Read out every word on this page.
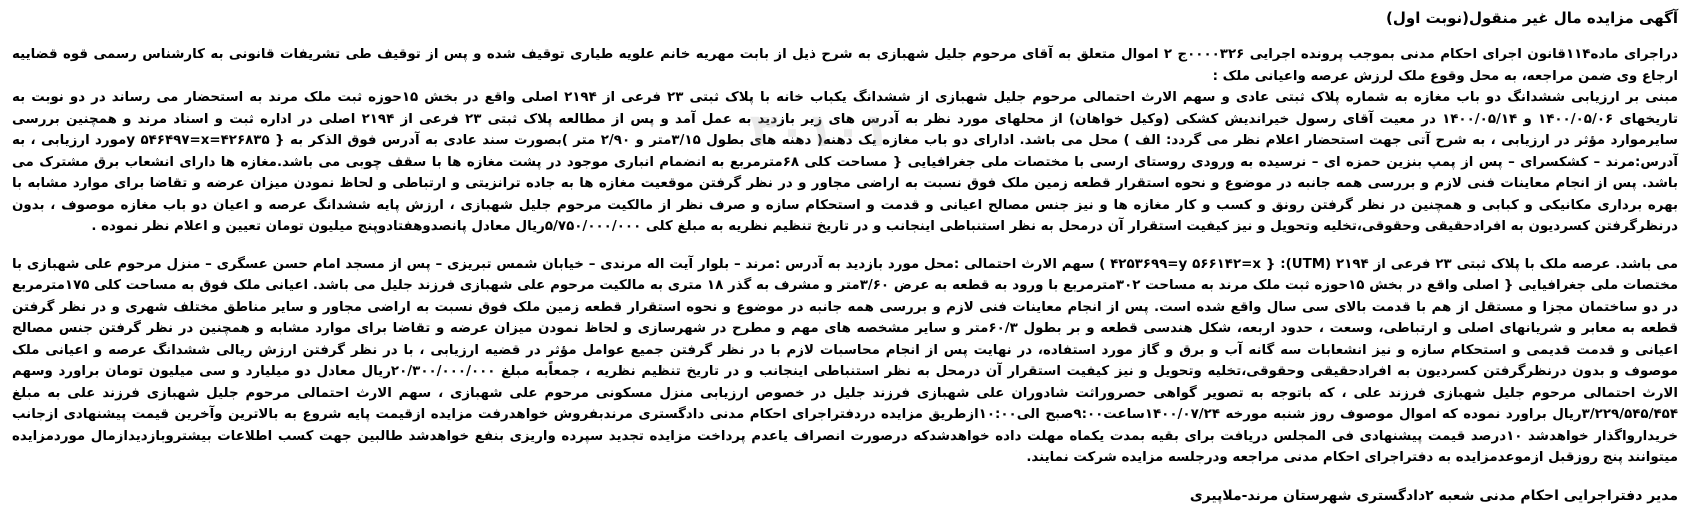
۳۰۱۰۱
آگهی مزایده مال غیر منقول(نوبت اول)

دراجرای ماده۱۱۴قانون اجرای احکام مدنی بموجب پرونده اجرایی ۰۰۰۰۳۲۶ج ۲ اموال متعلق به آقای مرحوم جلیل شهبازی به شرح ذیل از بابت مهریه خانم علویه طیاری توقیف شده و پس از توقیف طی تشریفات قانونی به کارشناس رسمی قوه قضاییه ارجاع وی ضمن مراجعه، به محل وقوع ملک لرزش عرصه واعیانی ملک :

مبنی بر ارزیابی ششدانگ دو باب مغازه به شماره پلاک ثبتی عادی و سهم الارث احتمالی مرحوم جلیل شهبازی از ششدانگ یکباب خانه با پلاک ثبتی ۲۳ فرعی از ۲۱۹۴ اصلی واقع در بخش ۱۵حوزه ثبت ملک مرند به استحضار می رساند در دو نوبت به تاریخهای ۱۴۰۰/۰۵/۰۶ و ۱۴۰۰/۰۵/۱۴ در معیت آقای رسول خیراندیش کشکی (وکیل خواهان) از محلهای مورد نظر به آدرس های زیر بازدید به عمل آمد و پس از مطالعه پلاک ثبتی ۲۳ فرعی از ۲۱۹۴ اصلی در اداره ثبت و اسناد مرند و همچنین بررسی سایرموارد مؤثر در ارزیابی ، به شرح آتی جهت استحضار اعلام نظر می گردد: الف ) محل می باشد. ادارای دو باب مغازه یک دهنه( دهنه های بطول ۳/۱۵متر و ۲/۹۰ متر )بصورت سند عادی به آدرس فوق الذکر به { ۴۲۶۸۳۵=y ۵۴۶۴۹۷=xمورد ارزیابی ، به آدرس:مرند – کشکسرای – پس از پمپ بنزین حمزه ای – نرسیده به ورودی روستای ارسی با مختصات ملی جغرافیایی { مساحت کلی ۶۸مترمربع به انضمام انباری موجود در پشت مغازه ها با سقف چوبی می باشد.مغازه ها دارای انشعاب برق مشترک می باشد. پس از انجام معاینات فنی لازم و بررسی همه جانبه در موضوع و نحوه استقرار قطعه زمین ملک فوق نسبت به اراضی مجاور و در نظر گرفتن موقعیت مغازه ها به جاده ترانزیتی و ارتباطی و لحاظ نمودن میزان عرضه و تقاضا برای موارد مشابه با بهره برداری مکانیکی و کبابی و همچنین در نظر گرفتن رونق و کسب و کار مغازه ها و نیز جنس مصالح اعیانی و قدمت و استحکام سازه و صرف نظر از مالکیت مرحوم جلیل شهبازی ، ارزش پایه ششدانگ عرصه و اعیان دو باب مغازه موصوف ، بدون درنظرگرفتن کسردیون به افرادحقیقی وحقوقی،تخلیه وتحویل و نیز کیفیت استقرار آن درمحل به نظر استنباطی اینجانب و در تاریخ تنظیم نظریه به مبلغ کلی ۵/۷۵۰/۰۰۰/۰۰۰ریال معادل پانصدوهفتادوپنج میلیون تومان تعیین و اعلام نظر نموده .

می باشد. عرصه ملک با پلاک ثبتی ۲۳ فرعی از ۲۱۹۴ (UTM): { ۴۲۵۳۶۹۹=y ۵۶۶۱۴۲=x ) سهم الارث احتمالی :محل مورد بازدید به آدرس :مرند – بلوار آیت اله مرندی – خیابان شمس تبریزی – پس از مسجد امام حسن عسگری – منزل مرحوم علی شهبازی با مختصات ملی جغرافیایی { اصلی واقع در بخش ۱۵حوزه ثبت ملک مرند به مساحت ۳۰۲مترمربع با ورود به قطعه به عرض ۳/۶۰متر و مشرف به گذر ۱۸ متری به مالکیت مرحوم علی شهبازی فرزند جلیل می باشد. اعیانی ملک فوق به مساحت کلی ۱۷۵مترمربع در دو ساختمان مجزا و مستقل از هم با قدمت بالای سی سال واقع شده است. پس از انجام معاینات فنی لازم و بررسی همه جانبه در موضوع و نحوه استقرار قطعه زمین ملک فوق نسبت به اراضی مجاور و سایر مناطق مختلف شهری و در نظر گرفتن قطعه به معابر و شریانهای اصلی و ارتباطی، وسعت ، حدود اربعه، شکل هندسی قطعه و بر بطول ۶۰/۳متر و سایر مشخصه های مهم و مطرح در شهرسازی و لحاظ نمودن میزان عرضه و تقاضا برای موارد مشابه و همچنین در نظر گرفتن جنس مصالح اعیانی و قدمت قدیمی و استحکام سازه و نیز انشعابات سه گانه آب و برق و گاز مورد استفاده، در نهایت پس از انجام محاسبات لازم با در نظر گرفتن جمیع عوامل مؤثر در قضیه ارزیابی ، با در نظر گرفتن ارزش ریالی ششدانگ عرصه و اعیانی ملک موصوف و بدون درنظرگرفتن کسردیون به افرادحقیقی وحقوقی،تخلیه وتحویل و نیز کیفیت استقرار آن درمحل به نظر استنباطی اینجانب و در تاریخ تنظیم نظریه ، جمعاًبه مبلغ ۲۰/۳۰۰/۰۰۰/۰۰۰ریال معادل دو میلیارد و سی میلیون تومان براورد وسهم الارث احتمالی مرحوم جلیل شهبازی فرزند علی ، که باتوجه به تصویر گواهی حصروراثت شادوران علی شهبازی فرزند جلیل در خصوص ارزیابی منزل مسکونی مرحوم علی شهبازی ، سهم الارث احتمالی مرحوم جلیل شهبازی فرزند علی به مبلغ ۳/۲۲۹/۵۴۵/۴۵۴ریال براورد نموده که اموال موصوف روز شنبه مورخه ۱۴۰۰/۰۷/۲۴ساعت۹:۰۰صبح الی۱۰:۰۰ازطریق مزایده دردفتراجرای احکام مدنی دادگستری مرندبفروش خواهدرفت مزایده ازقیمت پایه شروع به بالاترین وآخرین قیمت پیشنهادی ازجانب خریدارواگذار خواهدشد ۱۰درصد قیمت پیشنهادی فی المجلس دریافت برای بقیه بمدت یکماه مهلت داده خواهدشدکه درصورت انصراف یاعدم پرداخت مزایده تجدید سپرده واریزی بنفع خواهدشد طالبین جهت کسب اطلاعات بیشتروبازدیدازمال موردمزایده میتوانند پنج روزقبل ازموعدمزایده به دفتراجرای احکام مدنی مراجعه ودرجلسه مزایده شرکت نمایند.

مدیر دفتراجرایی احکام مدنی شعبه ۲دادگستری شهرستان مرند-ملاپیری
